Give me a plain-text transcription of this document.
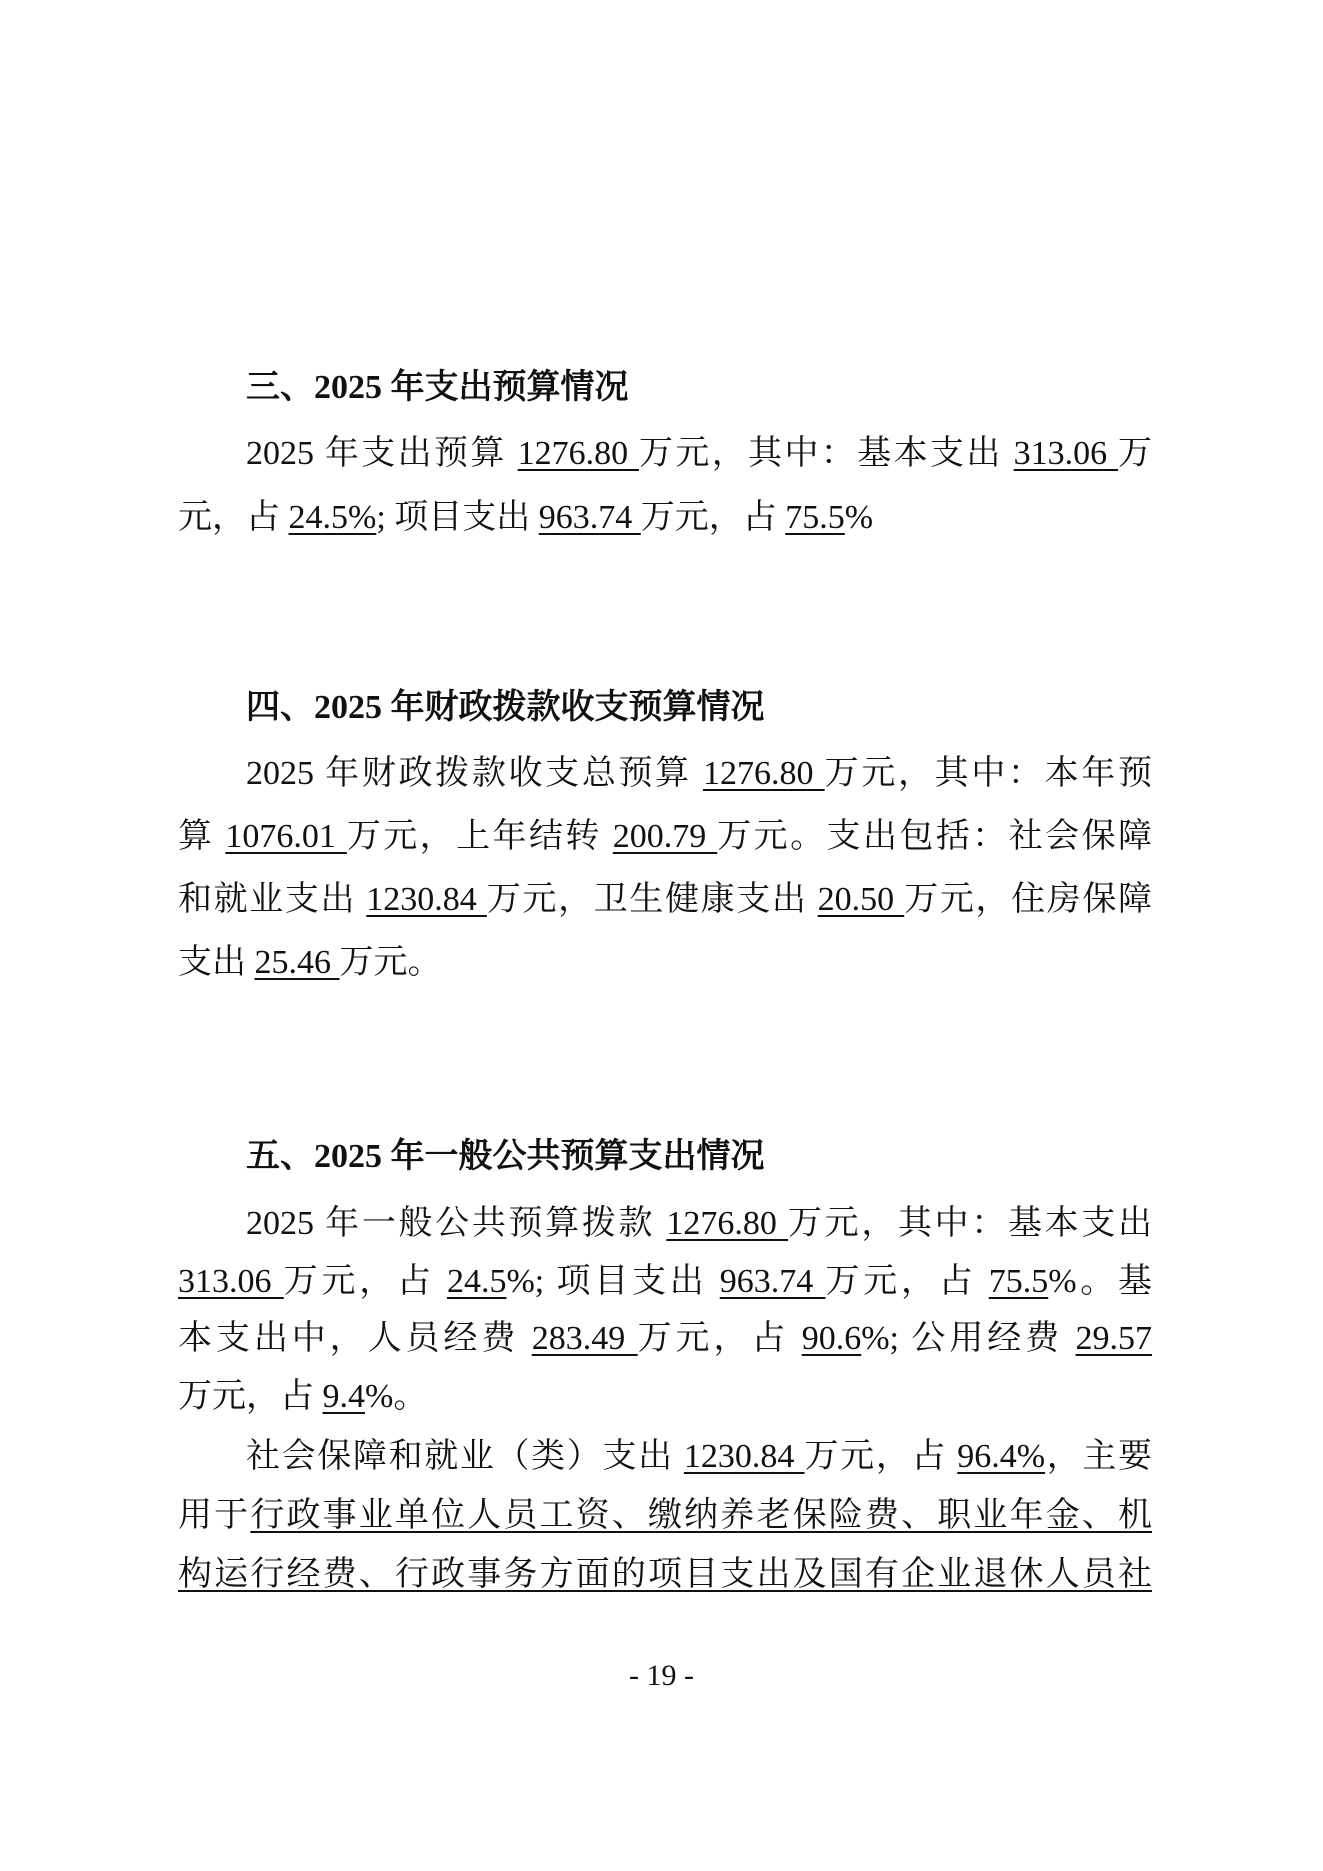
三、2025 年支出预算情况
2025 年支出预算 1276.80 万元，其中：基本支出 313.06 万
元，占 24.5%; 项目支出 963.74 万元，占 75.5%
四、2025 年财政拨款收支预算情况
2025 年财政拨款收支总预算 1276.80 万元，其中：本年预
算 1076.01 万元，上年结转 200.79 万元。支出包括：社会保障
和就业支出 1230.84 万元，卫生健康支出 20.50 万元，住房保障
支出 25.46 万元。
五、2025 年一般公共预算支出情况
2025 年一般公共预算拨款 1276.80 万元，其中：基本支出
313.06 万元，占 24.5%; 项目支出 963.74 万元，占 75.5%。基
本支出中，人员经费 283.49 万元，占 90.6%; 公用经费 29.57
万元，占 9.4%。
社会保障和就业（类）支出 1230.84 万元，占 96.4%，主要
用于行政事业单位人员工资、缴纳养老保险费、职业年金、机
构运行经费、行政事务方面的项目支出及国有企业退休人员社
- 19 -
